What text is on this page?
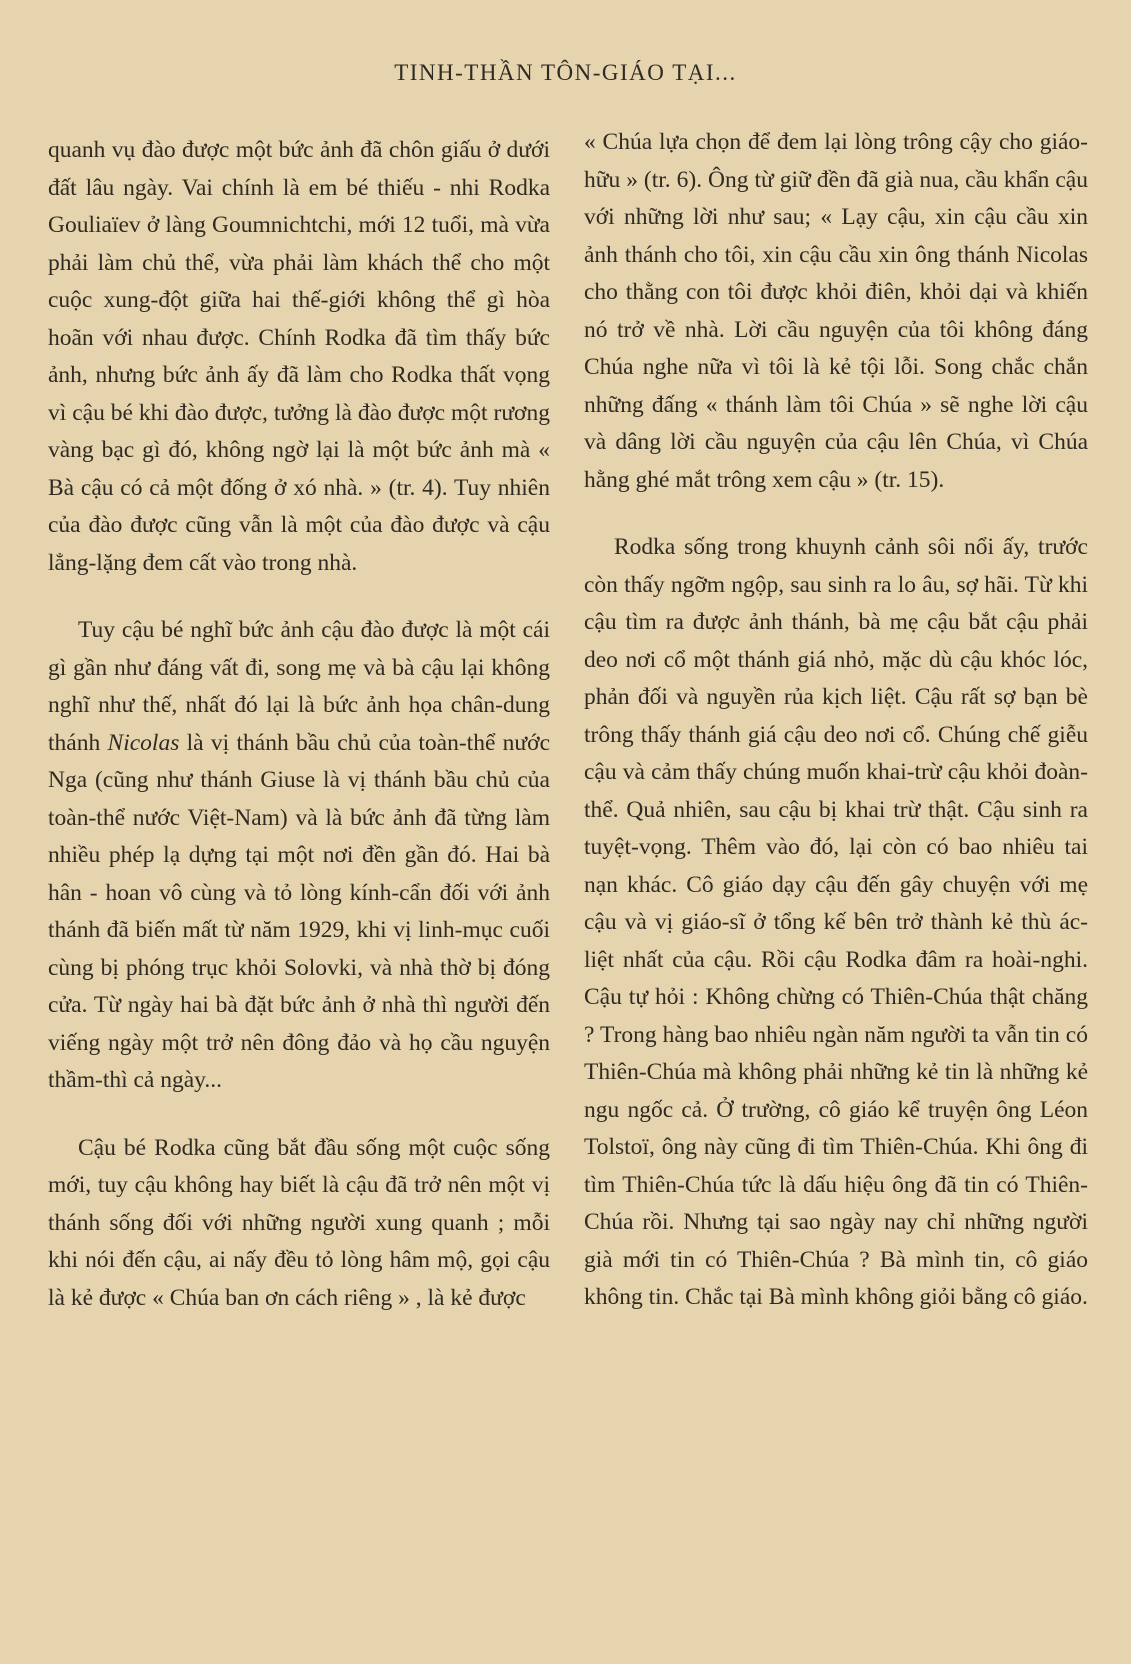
TINH-THẦN TÔN-GIÁO TẠI...

quanh vụ đào được một bức ảnh đã chôn giấu ở dưới đất lâu ngày. Vai chính là em bé thiếu - nhi Rodka Gouliaïev ở làng Goumnichtchi, mới 12 tuổi, mà vừa phải làm chủ thể, vừa phải làm khách thể cho một cuộc xung-đột giữa hai thế-giới không thể gì hòa hoãn với nhau được. Chính Rodka đã tìm thấy bức ảnh, nhưng bức ảnh ấy đã làm cho Rodka thất vọng vì cậu bé khi đào được, tưởng là đào được một rương vàng bạc gì đó, không ngờ lại là một bức ảnh mà « Bà cậu có cả một đống ở xó nhà. » (tr. 4). Tuy nhiên của đào được cũng vẫn là một của đào được và cậu lẳng-lặng đem cất vào trong nhà.

Tuy cậu bé nghĩ bức ảnh cậu đào được là một cái gì gần như đáng vất đi, song mẹ và bà cậu lại không nghĩ như thế, nhất đó lại là bức ảnh họa chân-dung thánh Nicolas là vị thánh bầu chủ của toàn-thể nước Nga (cũng như thánh Giuse là vị thánh bầu chủ của toàn-thể nước Việt-Nam) và là bức ảnh đã từng làm nhiều phép lạ dựng tại một nơi đền gần đó. Hai bà hân - hoan vô cùng và tỏ lòng kính-cẩn đối với ảnh thánh đã biến mất từ năm 1929, khi vị linh-mục cuối cùng bị phóng trục khỏi Solovki, và nhà thờ bị đóng cửa. Từ ngày hai bà đặt bức ảnh ở nhà thì người đến viếng ngày một trở nên đông đảo và họ cầu nguyện thầm-thì cả ngày...

Cậu bé Rodka cũng bắt đầu sống một cuộc sống mới, tuy cậu không hay biết là cậu đã trở nên một vị thánh sống đối với những người xung quanh ; mỗi khi nói đến cậu, ai nấy đều tỏ lòng hâm mộ, gọi cậu là kẻ được « Chúa ban ơn cách riêng » , là kẻ được

« Chúa lựa chọn để đem lại lòng trông cậy cho giáo-hữu » (tr. 6). Ông từ giữ đền đã già nua, cầu khẩn cậu với những lời như sau; « Lạy cậu, xin cậu cầu xin ảnh thánh cho tôi, xin cậu cầu xin ông thánh Nicolas cho thằng con tôi được khỏi điên, khỏi dại và khiến nó trở về nhà. Lời cầu nguyện của tôi không đáng Chúa nghe nữa vì tôi là kẻ tội lỗi. Song chắc chắn những đấng « thánh làm tôi Chúa » sẽ nghe lời cậu và dâng lời cầu nguyện của cậu lên Chúa, vì Chúa hằng ghé mắt trông xem cậu » (tr. 15).

Rodka sống trong khuynh cảnh sôi nổi ấy, trước còn thấy ngỡm ngộp, sau sinh ra lo âu, sợ hãi. Từ khi cậu tìm ra được ảnh thánh, bà mẹ cậu bắt cậu phải deo nơi cổ một thánh giá nhỏ, mặc dù cậu khóc lóc, phản đối và nguyền rủa kịch liệt. Cậu rất sợ bạn bè trông thấy thánh giá cậu deo nơi cổ. Chúng chế giễu cậu và cảm thấy chúng muốn khai-trừ cậu khỏi đoàn-thể. Quả nhiên, sau cậu bị khai trừ thật. Cậu sinh ra tuyệt-vọng. Thêm vào đó, lại còn có bao nhiêu tai nạn khác. Cô giáo dạy cậu đến gây chuyện với mẹ cậu và vị giáo-sĩ ở tổng kế bên trở thành kẻ thù ác-liệt nhất của cậu. Rồi cậu Rodka đâm ra hoài-nghi. Cậu tự hỏi : Không chừng có Thiên-Chúa thật chăng ? Trong hàng bao nhiêu ngàn năm người ta vẫn tin có Thiên-Chúa mà không phải những kẻ tin là những kẻ ngu ngốc cả. Ở trường, cô giáo kể truyện ông Léon Tolstoï, ông này cũng đi tìm Thiên-Chúa. Khi ông đi tìm Thiên-Chúa tức là dấu hiệu ông đã tin có Thiên-Chúa rồi. Nhưng tại sao ngày nay chỉ những người già mới tin có Thiên-Chúa ? Bà mình tin, cô giáo không tin. Chắc tại Bà mình không giỏi bằng cô giáo.
